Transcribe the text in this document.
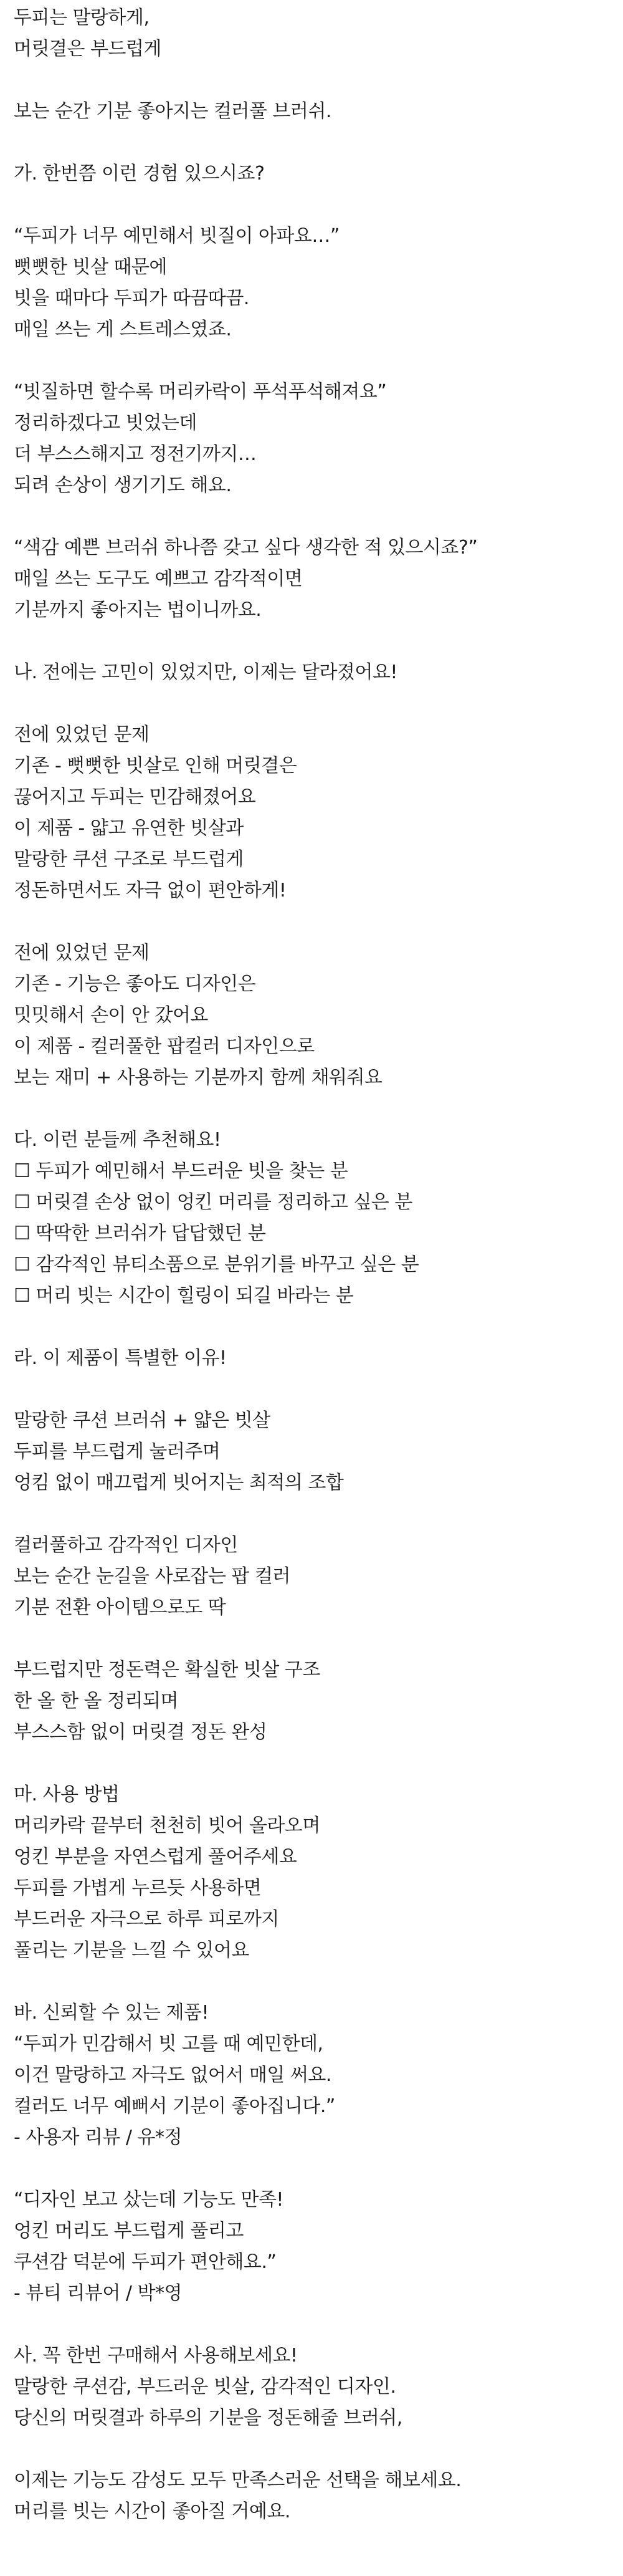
두피는 말랑하게,
머릿결은 부드럽게
보는 순간 기분 좋아지는 컬러풀 브러쉬.
가. 한번쯤 이런 경험 있으시죠?
“두피가 너무 예민해서 빗질이 아파요…”
뻣뻣한 빗살 때문에
빗을 때마다 두피가 따끔따끔.
매일 쓰는 게 스트레스였죠.
“빗질하면 할수록 머리카락이 푸석푸석해져요”
정리하겠다고 빗었는데
더 부스스해지고 정전기까지…
되려 손상이 생기기도 해요.
“색감 예쁜 브러쉬 하나쯤 갖고 싶다 생각한 적 있으시죠?”
매일 쓰는 도구도 예쁘고 감각적이면
기분까지 좋아지는 법이니까요.
나. 전에는 고민이 있었지만, 이제는 달라졌어요!
전에 있었던 문제
기존 - 뻣뻣한 빗살로 인해 머릿결은
끊어지고 두피는 민감해졌어요
이 제품 - 얇고 유연한 빗살과
말랑한 쿠션 구조로 부드럽게
정돈하면서도 자극 없이 편안하게!
전에 있었던 문제
기존 - 기능은 좋아도 디자인은
밋밋해서 손이 안 갔어요
이 제품 - 컬러풀한 팝컬러 디자인으로
보는 재미 + 사용하는 기분까지 함께 채워줘요
다. 이런 분들께 추천해요!
☐ 두피가 예민해서 부드러운 빗을 찾는 분
☐ 머릿결 손상 없이 엉킨 머리를 정리하고 싶은 분
☐ 딱딱한 브러쉬가 답답했던 분
☐ 감각적인 뷰티소품으로 분위기를 바꾸고 싶은 분
☐ 머리 빗는 시간이 힐링이 되길 바라는 분
라. 이 제품이 특별한 이유!
말랑한 쿠션 브러쉬 + 얇은 빗살
두피를 부드럽게 눌러주며
엉킴 없이 매끄럽게 빗어지는 최적의 조합
컬러풀하고 감각적인 디자인
보는 순간 눈길을 사로잡는 팝 컬러
기분 전환 아이템으로도 딱
부드럽지만 정돈력은 확실한 빗살 구조
한 올 한 올 정리되며
부스스함 없이 머릿결 정돈 완성
마. 사용 방법
머리카락 끝부터 천천히 빗어 올라오며
엉킨 부분을 자연스럽게 풀어주세요
두피를 가볍게 누르듯 사용하면
부드러운 자극으로 하루 피로까지
풀리는 기분을 느낄 수 있어요
바. 신뢰할 수 있는 제품!
“두피가 민감해서 빗 고를 때 예민한데,
이건 말랑하고 자극도 없어서 매일 써요.
컬러도 너무 예뻐서 기분이 좋아집니다.”
- 사용자 리뷰 / 유*정
“디자인 보고 샀는데 기능도 만족!
엉킨 머리도 부드럽게 풀리고
쿠션감 덕분에 두피가 편안해요.”
- 뷰티 리뷰어 / 박*영
사. 꼭 한번 구매해서 사용해보세요!
말랑한 쿠션감, 부드러운 빗살, 감각적인 디자인.
당신의 머릿결과 하루의 기분을 정돈해줄 브러쉬,
이제는 기능도 감성도 모두 만족스러운 선택을 해보세요.
머리를 빗는 시간이 좋아질 거예요.
